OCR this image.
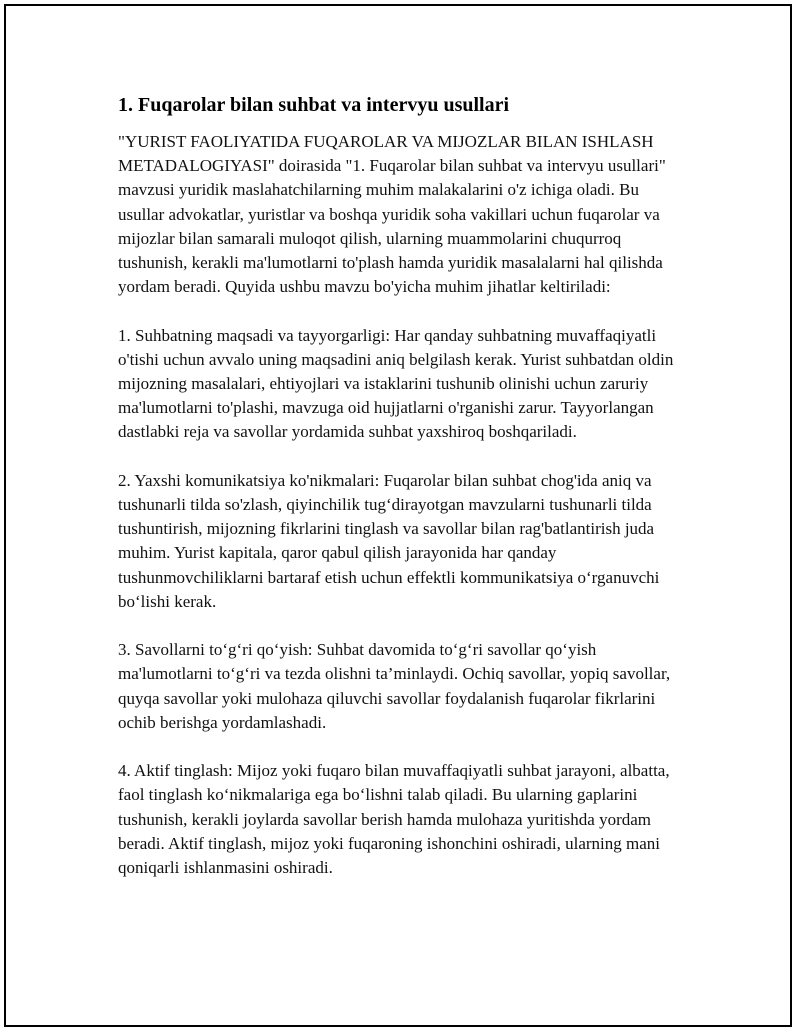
1. Fuqarolar bilan suhbat va intervyu usullari

"YURIST FAOLIYATIDA FUQAROLAR VA MIJOZLAR BILAN ISHLASH METADALOGIYASI" doirasida "1. Fuqarolar bilan suhbat va intervyu usullari" mavzusi yuridik maslahatchilarning muhim malakalarini o'z ichiga oladi. Bu usullar advokatlar, yuristlar va boshqa yuridik soha vakillari uchun fuqarolar va mijozlar bilan samarali muloqot qilish, ularning muammolarini chuqurroq tushunish, kerakli ma'lumotlarni to'plash hamda yuridik masalalarni hal qilishda yordam beradi. Quyida ushbu mavzu bo'yicha muhim jihatlar keltiriladi:

1. Suhbatning maqsadi va tayyorgarligi: Har qanday suhbatning muvaffaqiyatli o'tishi uchun avvalo uning maqsadini aniq belgilash kerak. Yurist suhbatdan oldin mijozning masalalari, ehtiyojlari va istaklarini tushunib olinishi uchun zaruriy ma'lumotlarni to'plashi, mavzuga oid hujjatlarni o'rganishi zarur. Tayyorlangan dastlabki reja va savollar yordamida suhbat yaxshiroq boshqariladi.

2. Yaxshi komunikatsiya ko'nikmalari: Fuqarolar bilan suhbat chog'ida aniq va tushunarli tilda so'zlash, qiyinchilik tug‘dirayotgan mavzularni tushunarli tilda tushuntirish, mijozning fikrlarini tinglash va savollar bilan rag'batlantirish juda muhim. Yurist kapitala, qaror qabul qilish jarayonida har qanday tushunmovchiliklarni bartaraf etish uchun effektli kommunikatsiya o‘rganuvchi bo‘lishi kerak.

3. Savollarni to‘g‘ri qo‘yish: Suhbat davomida to‘g‘ri savollar qo‘yish ma'lumotlarni to‘g‘ri va tezda olishni ta’minlaydi. Ochiq savollar, yopiq savollar, quyqa savollar yoki mulohaza qiluvchi savollar foydalanish fuqarolar fikrlarini ochib berishga yordamlashadi.

4. Aktif tinglash: Mijoz yoki fuqaro bilan muvaffaqiyatli suhbat jarayoni, albatta, faol tinglash ko‘nikmalariga ega bo‘lishni talab qiladi. Bu ularning gaplarini tushunish, kerakli joylarda savollar berish hamda mulohaza yuritishda yordam beradi. Aktif tinglash, mijoz yoki fuqaroning ishonchini oshiradi, ularning mani qoniqarli ishlanmasini oshiradi.
